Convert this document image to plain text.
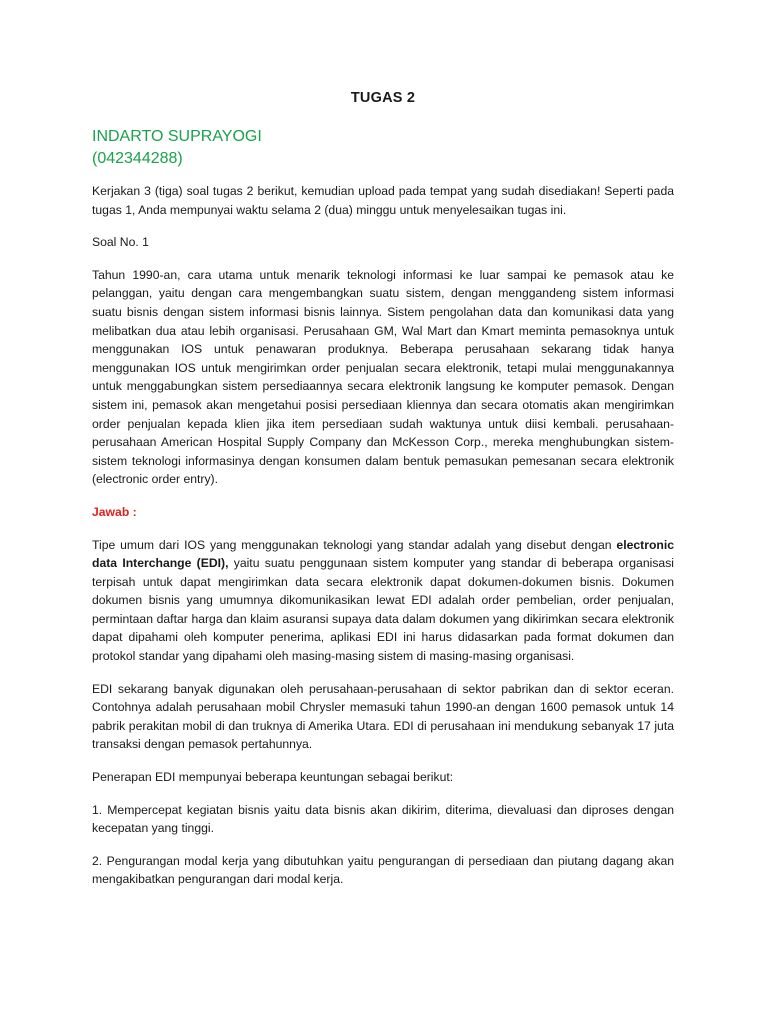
TUGAS 2
INDARTO SUPRAYOGI
(042344288)

Kerjakan 3 (tiga) soal tugas 2 berikut, kemudian upload pada tempat yang sudah disediakan! Seperti pada tugas 1, Anda mempunyai waktu selama 2 (dua) minggu untuk menyelesaikan tugas ini.

Soal No. 1

Tahun 1990-an, cara utama untuk menarik teknologi informasi ke luar sampai ke pemasok atau ke pelanggan, yaitu dengan cara mengembangkan suatu sistem, dengan menggandeng sistem informasi suatu bisnis dengan sistem informasi bisnis lainnya. Sistem pengolahan data dan komunikasi data yang melibatkan dua atau lebih organisasi. Perusahaan GM, Wal Mart dan Kmart meminta pemasoknya untuk menggunakan IOS untuk penawaran produknya. Beberapa perusahaan sekarang tidak hanya menggunakan IOS untuk mengirimkan order penjualan secara elektronik, tetapi mulai menggunakannya untuk menggabungkan sistem persediaannya secara elektronik langsung ke komputer pemasok. Dengan sistem ini, pemasok akan mengetahui posisi persediaan kliennya dan secara otomatis akan mengirimkan order penjualan kepada klien jika item persediaan sudah waktunya untuk diisi kembali. perusahaan-perusahaan American Hospital Supply Company dan McKesson Corp., mereka menghubungkan sistem-sistem teknologi informasinya dengan konsumen dalam bentuk pemasukan pemesanan secara elektronik (electronic order entry).

Jawab :

Tipe umum dari IOS yang menggunakan teknologi yang standar adalah yang disebut dengan electronic data Interchange (EDI), yaitu suatu penggunaan sistem komputer yang standar di beberapa organisasi terpisah untuk dapat mengirimkan data secara elektronik dapat dokumen-dokumen bisnis. Dokumen dokumen bisnis yang umumnya dikomunikasikan lewat EDI adalah order pembelian, order penjualan, permintaan daftar harga dan klaim asuransi supaya data dalam dokumen yang dikirimkan secara elektronik dapat dipahami oleh komputer penerima, aplikasi EDI ini harus didasarkan pada format dokumen dan protokol standar yang dipahami oleh masing-masing sistem di masing-masing organisasi.

EDI sekarang banyak digunakan oleh perusahaan-perusahaan di sektor pabrikan dan di sektor eceran. Contohnya adalah perusahaan mobil Chrysler memasuki tahun 1990-an dengan 1600 pemasok untuk 14 pabrik perakitan mobil di dan truknya di Amerika Utara. EDI di perusahaan ini mendukung sebanyak 17 juta transaksi dengan pemasok pertahunnya.

Penerapan EDI mempunyai beberapa keuntungan sebagai berikut:

1. Mempercepat kegiatan bisnis yaitu data bisnis akan dikirim, diterima, dievaluasi dan diproses dengan kecepatan yang tinggi.

2. Pengurangan modal kerja yang dibutuhkan yaitu pengurangan di persediaan dan piutang dagang akan mengakibatkan pengurangan dari modal kerja.
